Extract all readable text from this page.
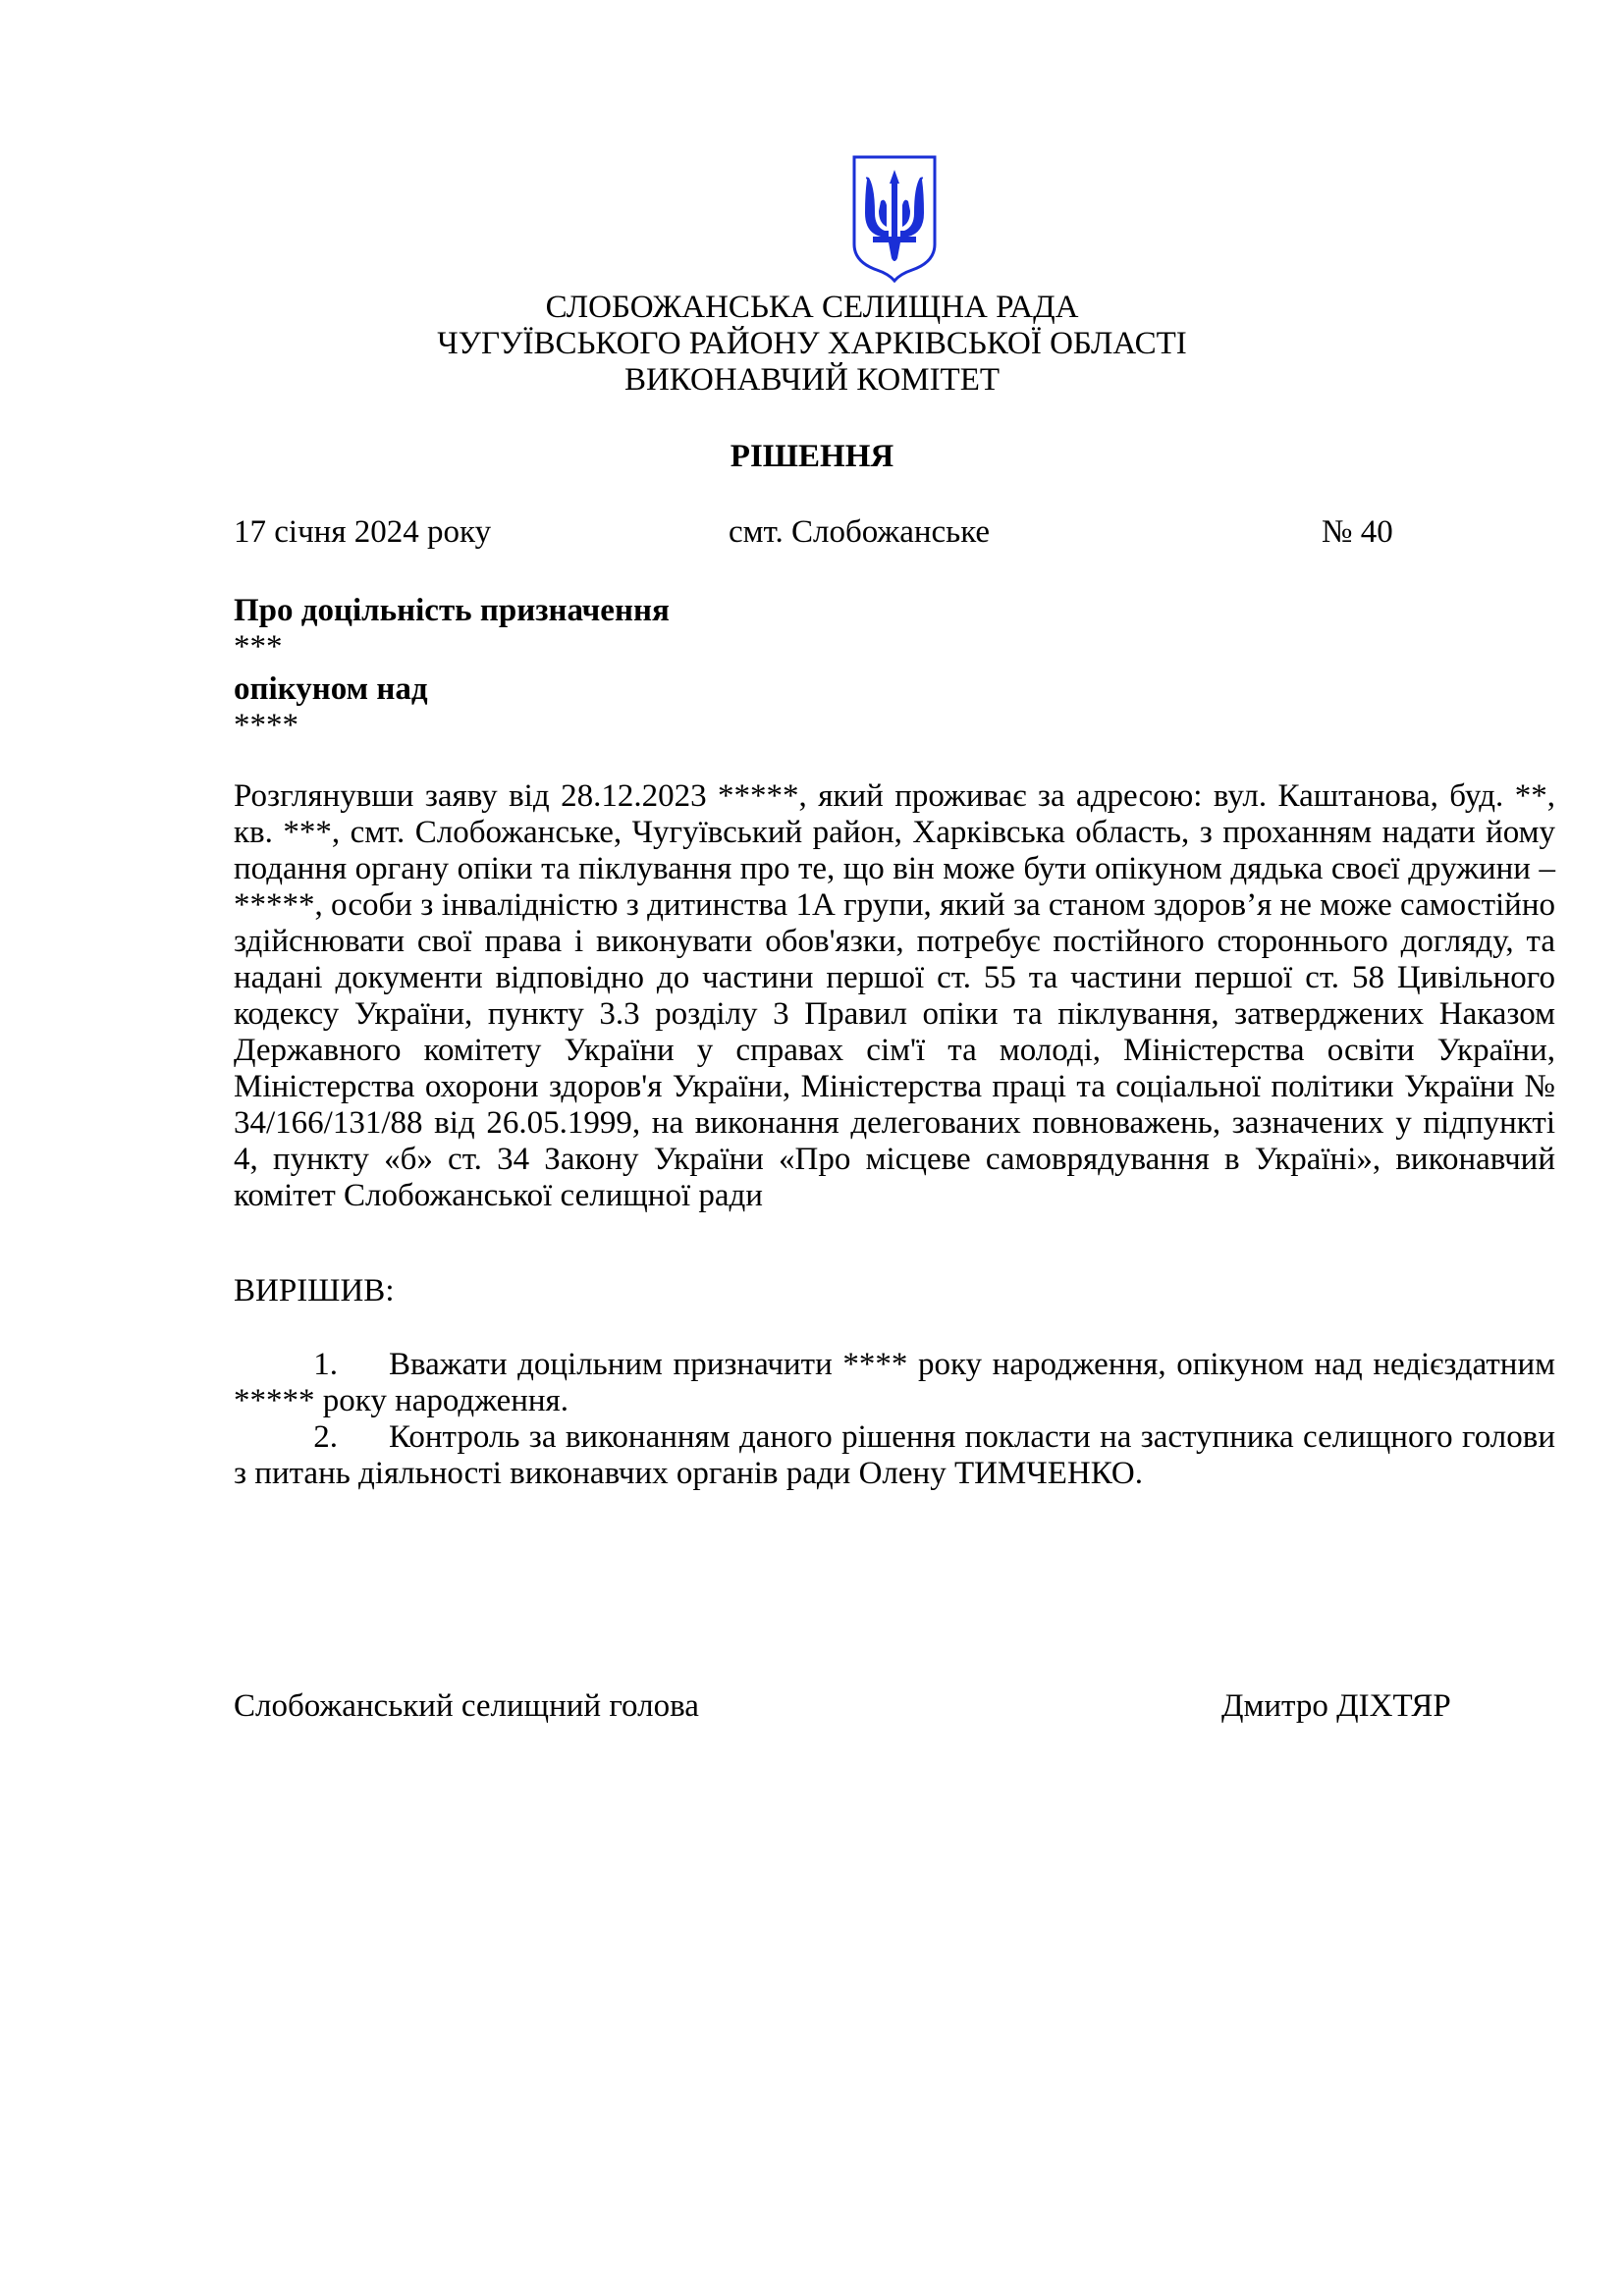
СЛОБОЖАНСЬКА СЕЛИЩНА РАДА
ЧУГУЇВСЬКОГО РАЙОНУ ХАРКІВСЬКОЇ ОБЛАСТІ
ВИКОНАВЧИЙ КОМІТЕТ
РІШЕННЯ
17 січня 2024 року	смт. Слобожанське	№ 40
Про доцільність призначення
***
опікуном над
****

Розглянувши заяву від 28.12.2023 *****, який проживає за адресою: вул. Каштанова, буд. **, кв. ***, смт. Слобожанське, Чугуївський район, Харківська область, з проханням надати йому подання органу опіки та піклування про те, що він може бути опікуном дядька своєї дружини – *****, особи з інвалідністю з дитинства 1А групи, який за станом здоров’я не може самостійно здійснювати свої права і виконувати обов'язки, потребує постійного стороннього догляду, та надані документи відповідно до частини першої ст. 55 та частини першої ст. 58 Цивільного кодексу України, пункту 3.3 розділу 3 Правил опіки та піклування, затверджених Наказом Державного комітету України у справах сім'ї та молоді, Міністерства освіти України, Міністерства охорони здоров'я України, Міністерства праці та соціальної політики України № 34/166/131/88 від 26.05.1999, на виконання делегованих повноважень, зазначених у підпункті 4, пункту «б» ст. 34 Закону України «Про місцеве самоврядування в Україні», виконавчий комітет Слобожанської селищної ради

ВИРІШИВ:

1. Вважати доцільним призначити **** року народження, опікуном над недієздатним ***** року народження.

2. Контроль за виконанням даного рішення покласти на заступника селищного голови з питань діяльності виконавчих органів ради Олену ТИМЧЕНКО.

Слобожанський селищний голова	Дмитро ДІХТЯР
